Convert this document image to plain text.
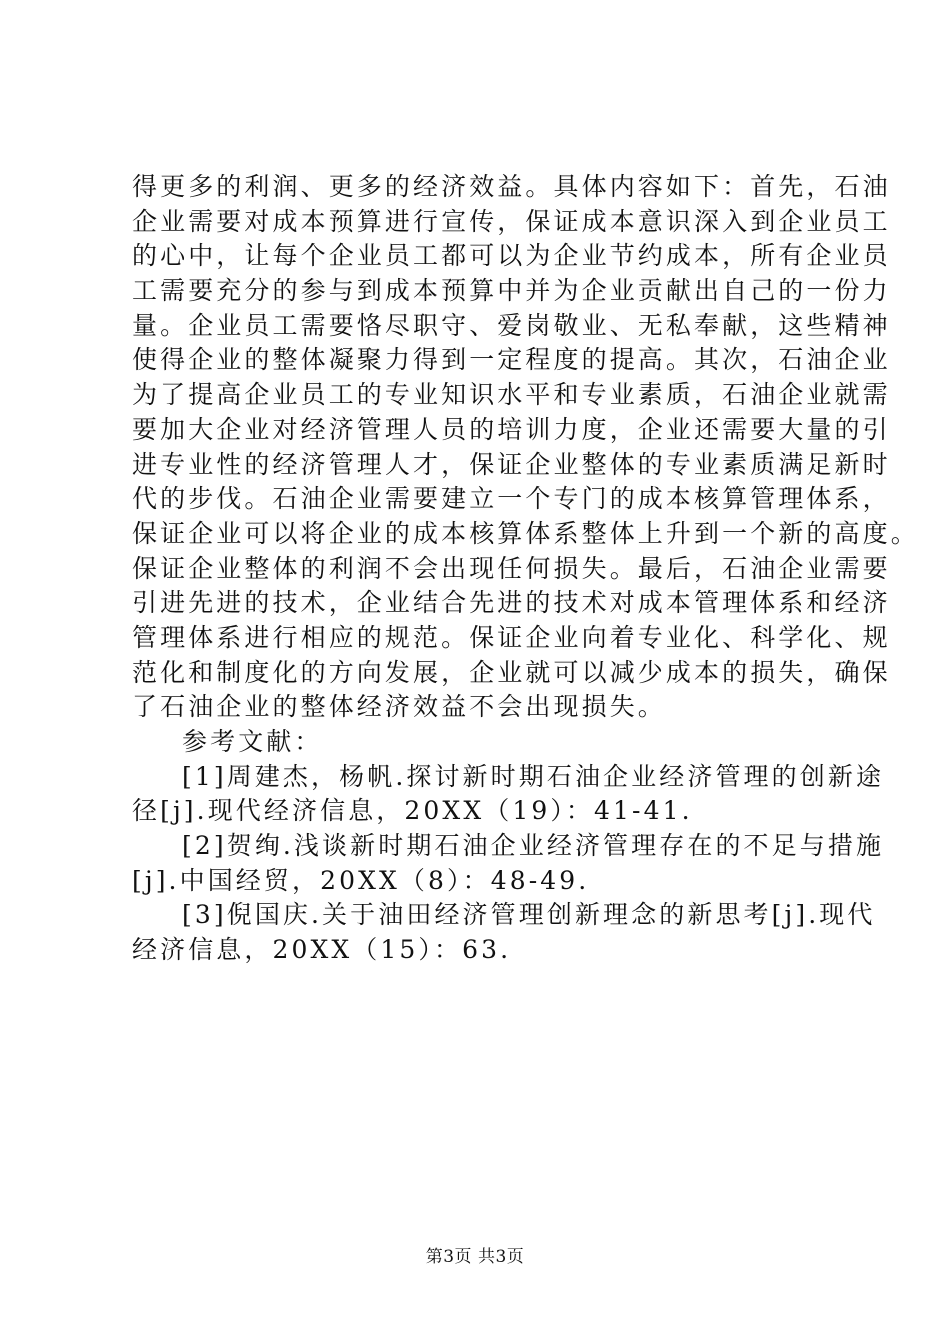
得更多的利润、更多的经济效益。具体内容如下：首先，石油
企业需要对成本预算进行宣传，保证成本意识深入到企业员工
的心中，让每个企业员工都可以为企业节约成本，所有企业员
工需要充分的参与到成本预算中并为企业贡献出自己的一份力
量。企业员工需要恪尽职守、爱岗敬业、无私奉献，这些精神
使得企业的整体凝聚力得到一定程度的提高。其次，石油企业
为了提高企业员工的专业知识水平和专业素质，石油企业就需
要加大企业对经济管理人员的培训力度，企业还需要大量的引
进专业性的经济管理人才，保证企业整体的专业素质满足新时
代的步伐。石油企业需要建立一个专门的成本核算管理体系，
保证企业可以将企业的成本核算体系整体上升到一个新的高度。
保证企业整体的利润不会出现任何损失。最后，石油企业需要
引进先进的技术，企业结合先进的技术对成本管理体系和经济
管理体系进行相应的规范。保证企业向着专业化、科学化、规
范化和制度化的方向发展，企业就可以减少成本的损失，确保
了石油企业的整体经济效益不会出现损失。
参考文献：
[1]周建杰，杨帆.探讨新时期石油企业经济管理的创新途
径[j].现代经济信息，20XX（19）：41-41.
[2]贺绚.浅谈新时期石油企业经济管理存在的不足与措施
[j].中国经贸，20XX（8）：48-49.
[3]倪国庆.关于油田经济管理创新理念的新思考[j].现代
经济信息，20XX（15）：63.
第3页 共3页
